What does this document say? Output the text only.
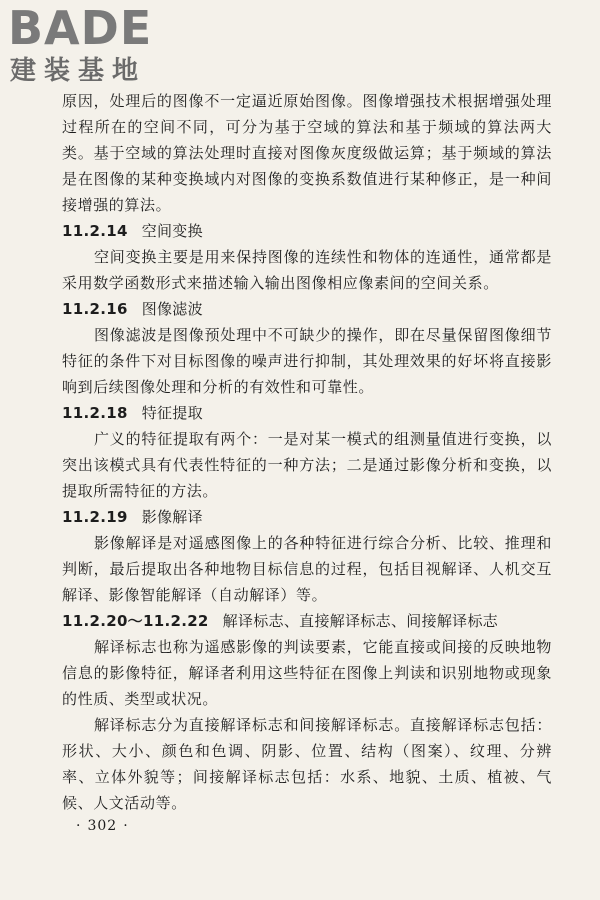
BADE
建装基地

原因，处理后的图像不一定逼近原始图像。图像增强技术根据增强处理过程所在的空间不同，可分为基于空域的算法和基于频域的算法两大类。基于空域的算法处理时直接对图像灰度级做运算；基于频域的算法是在图像的某种变换域内对图像的变换系数值进行某种修正，是一种间接增强的算法。

11.2.14 空间变换

空间变换主要是用来保持图像的连续性和物体的连通性，通常都是采用数学函数形式来描述输入输出图像相应像素间的空间关系。

11.2.16 图像滤波

图像滤波是图像预处理中不可缺少的操作，即在尽量保留图像细节特征的条件下对目标图像的噪声进行抑制，其处理效果的好坏将直接影响到后续图像处理和分析的有效性和可靠性。

11.2.18 特征提取

广义的特征提取有两个：一是对某一模式的组测量值进行变换，以突出该模式具有代表性特征的一种方法；二是通过影像分析和变换，以提取所需特征的方法。

11.2.19 影像解译

影像解译是对遥感图像上的各种特征进行综合分析、比较、推理和判断，最后提取出各种地物目标信息的过程，包括目视解译、人机交互解译、影像智能解译（自动解译）等。

11.2.20～11.2.22 解译标志、直接解译标志、间接解译标志

解译标志也称为遥感影像的判读要素，它能直接或间接的反映地物信息的影像特征，解译者利用这些特征在图像上判读和识别地物或现象的性质、类型或状况。

解译标志分为直接解译标志和间接解译标志。直接解译标志包括：形状、大小、颜色和色调、阴影、位置、结构（图案）、纹理、分辨率、立体外貌等；间接解译标志包括：水系、地貌、土质、植被、气候、人文活动等。

· 302 ·
